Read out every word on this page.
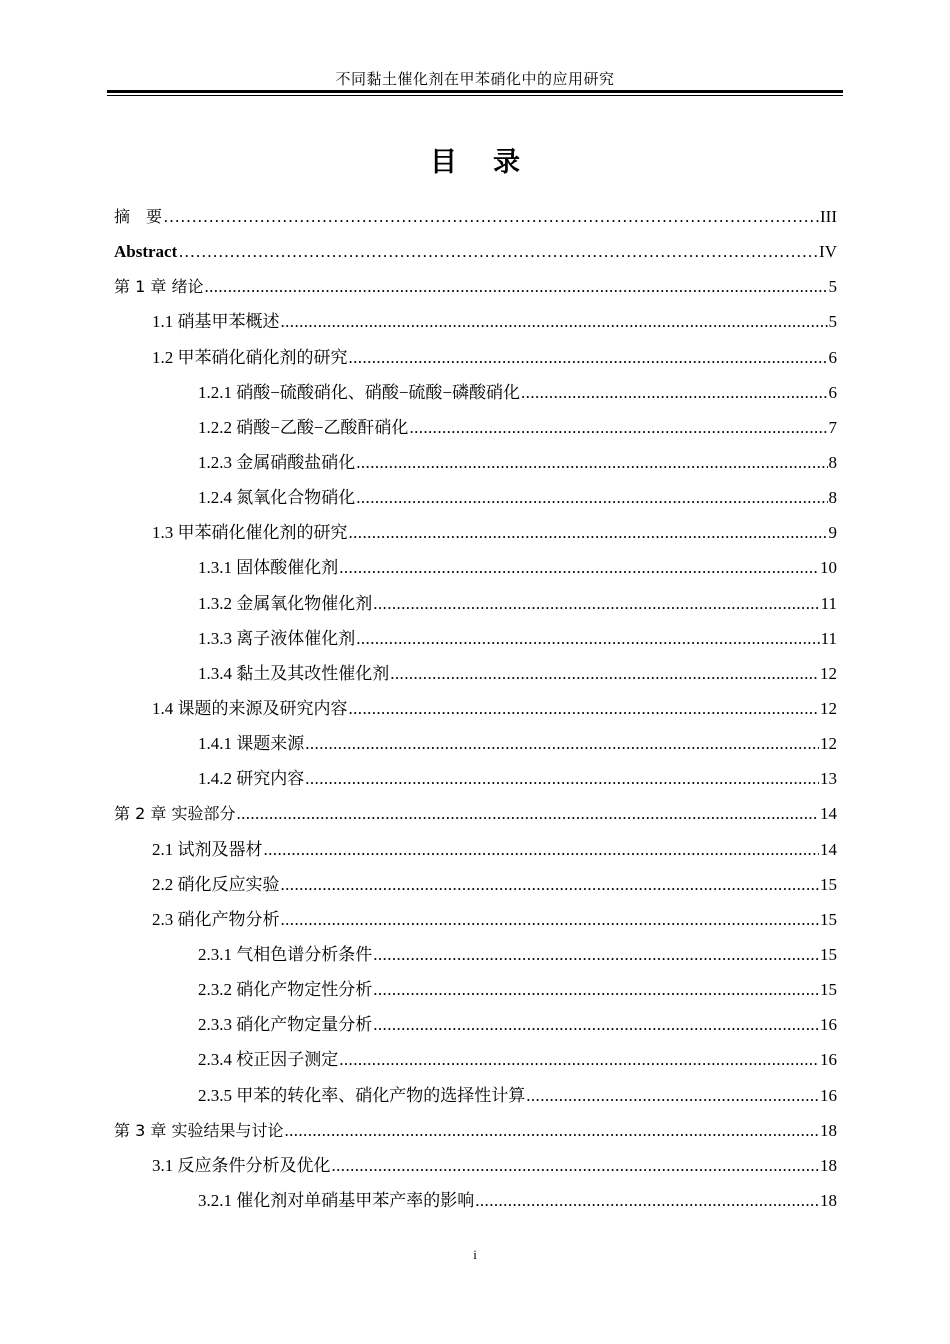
不同黏土催化剂在甲苯硝化中的应用研究
目录
摘　要 ……………………………………………………………………………………………………………………………………………………………………………………………………………………	III
Abstract ……………………………………………………………………………………………………………………………………………………………………………………………………………………	IV
第 1 章 绪论 .....	5
1.1 硝基甲苯概述 .....	5
1.2 甲苯硝化硝化剂的研究 .....	6
1.2.1 硝酸−硫酸硝化、硝酸−硫酸−磷酸硝化 .....	6
1.2.2 硝酸−乙酸−乙酸酐硝化 .....	7
1.2.3 金属硝酸盐硝化 .....	8
1.2.4 氮氧化合物硝化 .....	8
1.3 甲苯硝化催化剂的研究 .....	9
1.3.1 固体酸催化剂 .....	10
1.3.2 金属氧化物催化剂 .....	11
1.3.3 离子液体催化剂 .....	11
1.3.4 黏土及其改性催化剂 .....	12
1.4 课题的来源及研究内容 .....	12
1.4.1 课题来源 .....	12
1.4.2 研究内容 .....	13
第 2 章 实验部分 .....	14
2.1 试剂及器材 .....	14
2.2 硝化反应实验 .....	15
2.3 硝化产物分析 .....	15
2.3.1 气相色谱分析条件 .....	15
2.3.2 硝化产物定性分析 .....	15
2.3.3 硝化产物定量分析 .....	16
2.3.4 校正因子测定 .....	16
2.3.5 甲苯的转化率、硝化产物的选择性计算 .....	16
第 3 章 实验结果与讨论 .....	18
3.1 反应条件分析及优化 .....	18
3.2.1 催化剂对单硝基甲苯产率的影响 .....	18
i
